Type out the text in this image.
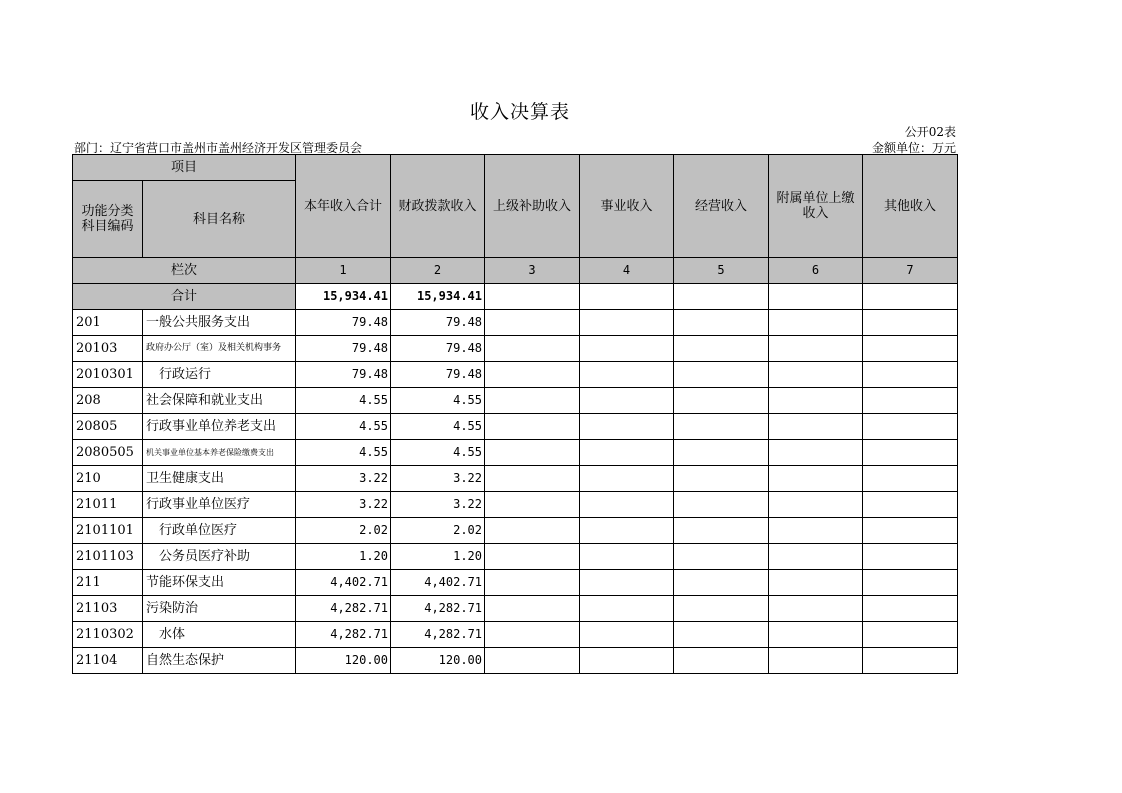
收入决算表
公开02表
部门：辽宁省营口市盖州市盖州经济开发区管理委员会	金额单位：万元
项目		本年收入合计	财政拨款收入	上级补助收入	事业收入	经营收入	附属单位上缴收入	其他收入
功能分类科目编码	科目名称							
栏次		1	2	3	4	5	6	7
合计		15,934.41	15,934.41					
201	一般公共服务支出	79.48	79.48					
20103	政府办公厅（室）及相关机构事务	79.48	79.48					
2010301	行政运行	79.48	79.48					
208	社会保障和就业支出	4.55	4.55					
20805	行政事业单位养老支出	4.55	4.55					
2080505	机关事业单位基本养老保险缴费支出	4.55	4.55					
210	卫生健康支出	3.22	3.22					
21011	行政事业单位医疗	3.22	3.22					
2101101	行政单位医疗	2.02	2.02					
2101103	公务员医疗补助	1.20	1.20					
211	节能环保支出	4,402.71	4,402.71					
21103	污染防治	4,282.71	4,282.71					
2110302	水体	4,282.71	4,282.71					
21104	自然生态保护	120.00	120.00					
